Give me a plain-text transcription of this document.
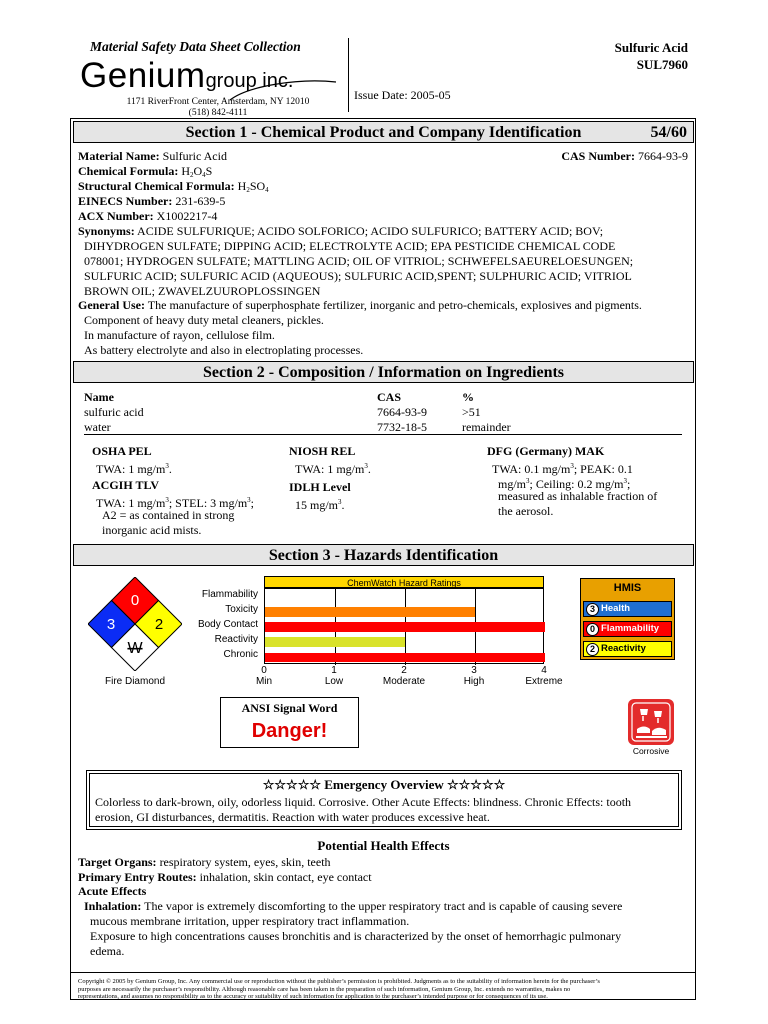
Material Safety Data Sheet Collection
Geniumgroup inc.
1171 RiverFront Center, Amsterdam, NY 12010
(518) 842-4111
Issue Date: 2005-05
Sulfuric Acid
SUL7960
Section 1 - Chemical Product and Company Identification	54/60
Material Name: Sulfuric Acid	CAS Number: 7664-93-9
Chemical Formula: $H_2O_4S$
Structural Chemical Formula: $H_2SO_4$
EINECS Number: 231-639-5
ACX Number: X1002217-4
Synonyms: ACIDE SULFURIQUE; ACIDO SOLFORICO; ACIDO SULFURICO; BATTERY ACID; BOV;
DIHYDROGEN SULFATE; DIPPING ACID; ELECTROLYTE ACID; EPA PESTICIDE CHEMICAL CODE
078001; HYDROGEN SULFATE; MATTLING ACID; OIL OF VITRIOL; SCHWEFELSAEURELOESUNGEN;
SULFURIC ACID; SULFURIC ACID (AQUEOUS); SULFURIC ACID,SPENT; SULPHURIC ACID; VITRIOL
BROWN OIL; ZWAVELZUUROPLOSSINGEN
General Use: The manufacture of superphosphate fertilizer, inorganic and petro-chemicals, explosives and pigments.
Component of heavy duty metal cleaners, pickles.
In manufacture of rayon, cellulose film.
As battery electrolyte and also in electroplating processes.
Section 2 - Composition / Information on Ingredients
Name	CAS	%
sulfuric acid	7664-93-9	>51
water	7732-18-5	remainder
OSHA PEL
TWA: 1 $mg/m^3$.
NIOSH REL
TWA: 1 $mg/m^3$.
DFG (Germany) MAK
TWA: 0.1 $mg/m^3$; PEAK: 0.1
$mg/m^3$; Ceiling: 0.2 $mg/m^3$;
measured as inhalable fraction of
the aerosol.
ACGIH TLV
TWA: 1 $mg/m^3$; STEL: 3 $mg/m^3$;
A2 = as contained in strong
inorganic acid mists.
IDLH Level
15 $mg/m^3$.
Section 3 - Hazards Identification
0
3	2
W
Fire Diamond
ChemWatch Hazard Ratings
Flammability
Toxicity
Body Contact
Reactivity
Chronic
0
Min
1
Low
2
Moderate
3
High
4
Extreme
HMIS
3 Health
0 Flammability
2 Reactivity
ANSI Signal Word
Danger!
Corrosive
☆☆☆☆☆ Emergency Overview ☆☆☆☆☆
Colorless to dark-brown, oily, odorless liquid. Corrosive. Other Acute Effects: blindness. Chronic Effects: tooth
erosion, GI disturbances, dermatitis. Reaction with water produces excessive heat.
Potential Health Effects
Target Organs: respiratory system, eyes, skin, teeth
Primary Entry Routes: inhalation, skin contact, eye contact
Acute Effects
Inhalation: The vapor is extremely discomforting to the upper respiratory tract and is capable of causing severe
mucous membrane irritation, upper respiratory tract inflammation.
Exposure to high concentrations causes bronchitis and is characterized by the onset of hemorrhagic pulmonary
edema.
Copyright © 2005 by Genium Group, Inc. Any commercial use or reproduction without the publisher’s permission is prohibited. Judgments as to the suitability of information herein for the purchaser’s
purposes are necessarily the purchaser’s responsibility. Although reasonable care has been taken in the preparation of such information, Genium Group, Inc. extends no warranties, makes no
representations, and assumes no responsibility as to the accuracy or suitability of such information for application to the purchaser’s intended purpose or for consequences of its use.
